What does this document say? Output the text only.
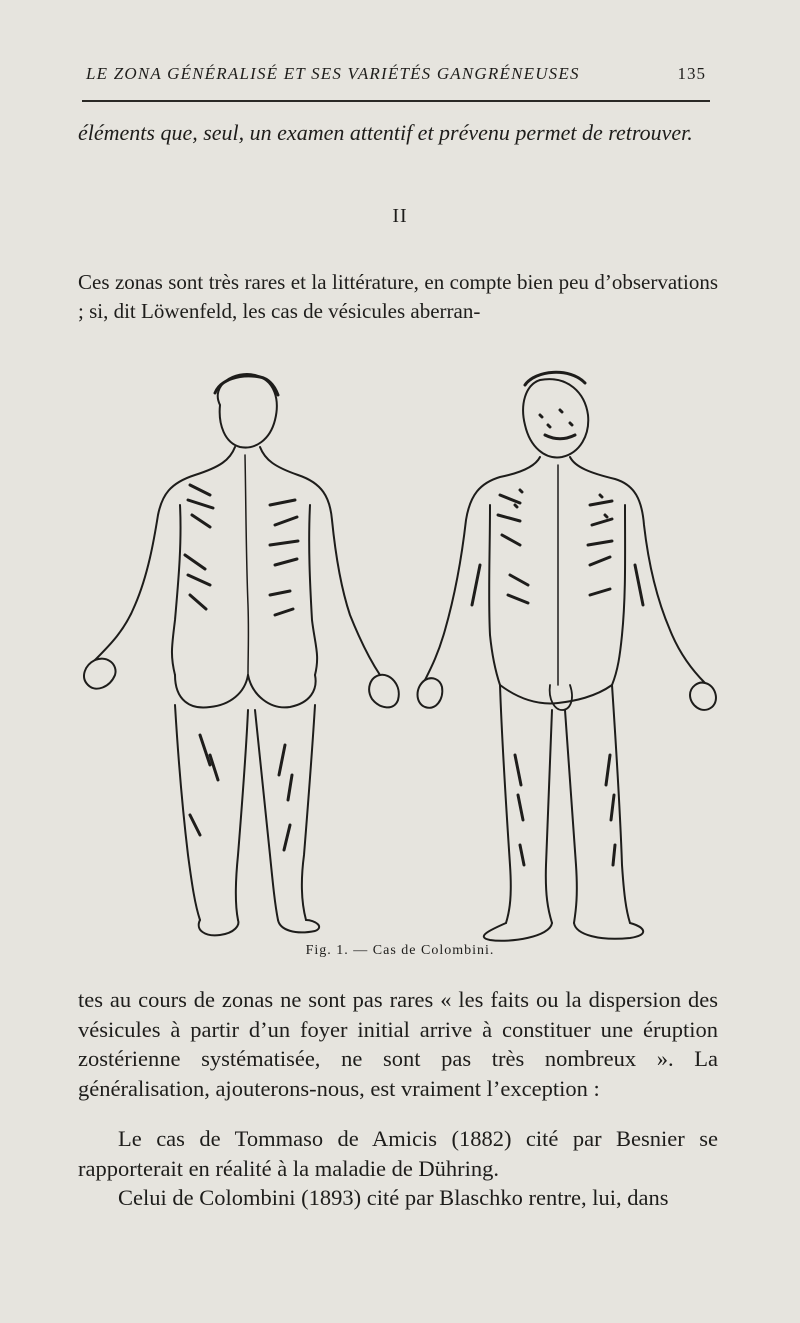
LE ZONA GÉNÉRALISÉ ET SES VARIÉTÉS GANGRÉNEUSES	135
éléments que, seul, un examen attentif et prévenu permet de retrouver.
II
Ces zonas sont très rares et la littérature, en compte bien peu d’observations ; si, dit Löwenfeld, les cas de vésicules aberran-
Fig. 1. — Cas de Colombini.
tes au cours de zonas ne sont pas rares « les faits ou la dispersion des vésicules à partir d’un foyer initial arrive à constituer une éruption zostérienne systématisée, ne sont pas très nombreux ». La généralisation, ajouterons-nous, est vraiment l’exception :
Le cas de Tommaso de Amicis (1882) cité par Besnier se rapporterait en réalité à la maladie de Dühring.
Celui de Colombini (1893) cité par Blaschko rentre, lui, dans
